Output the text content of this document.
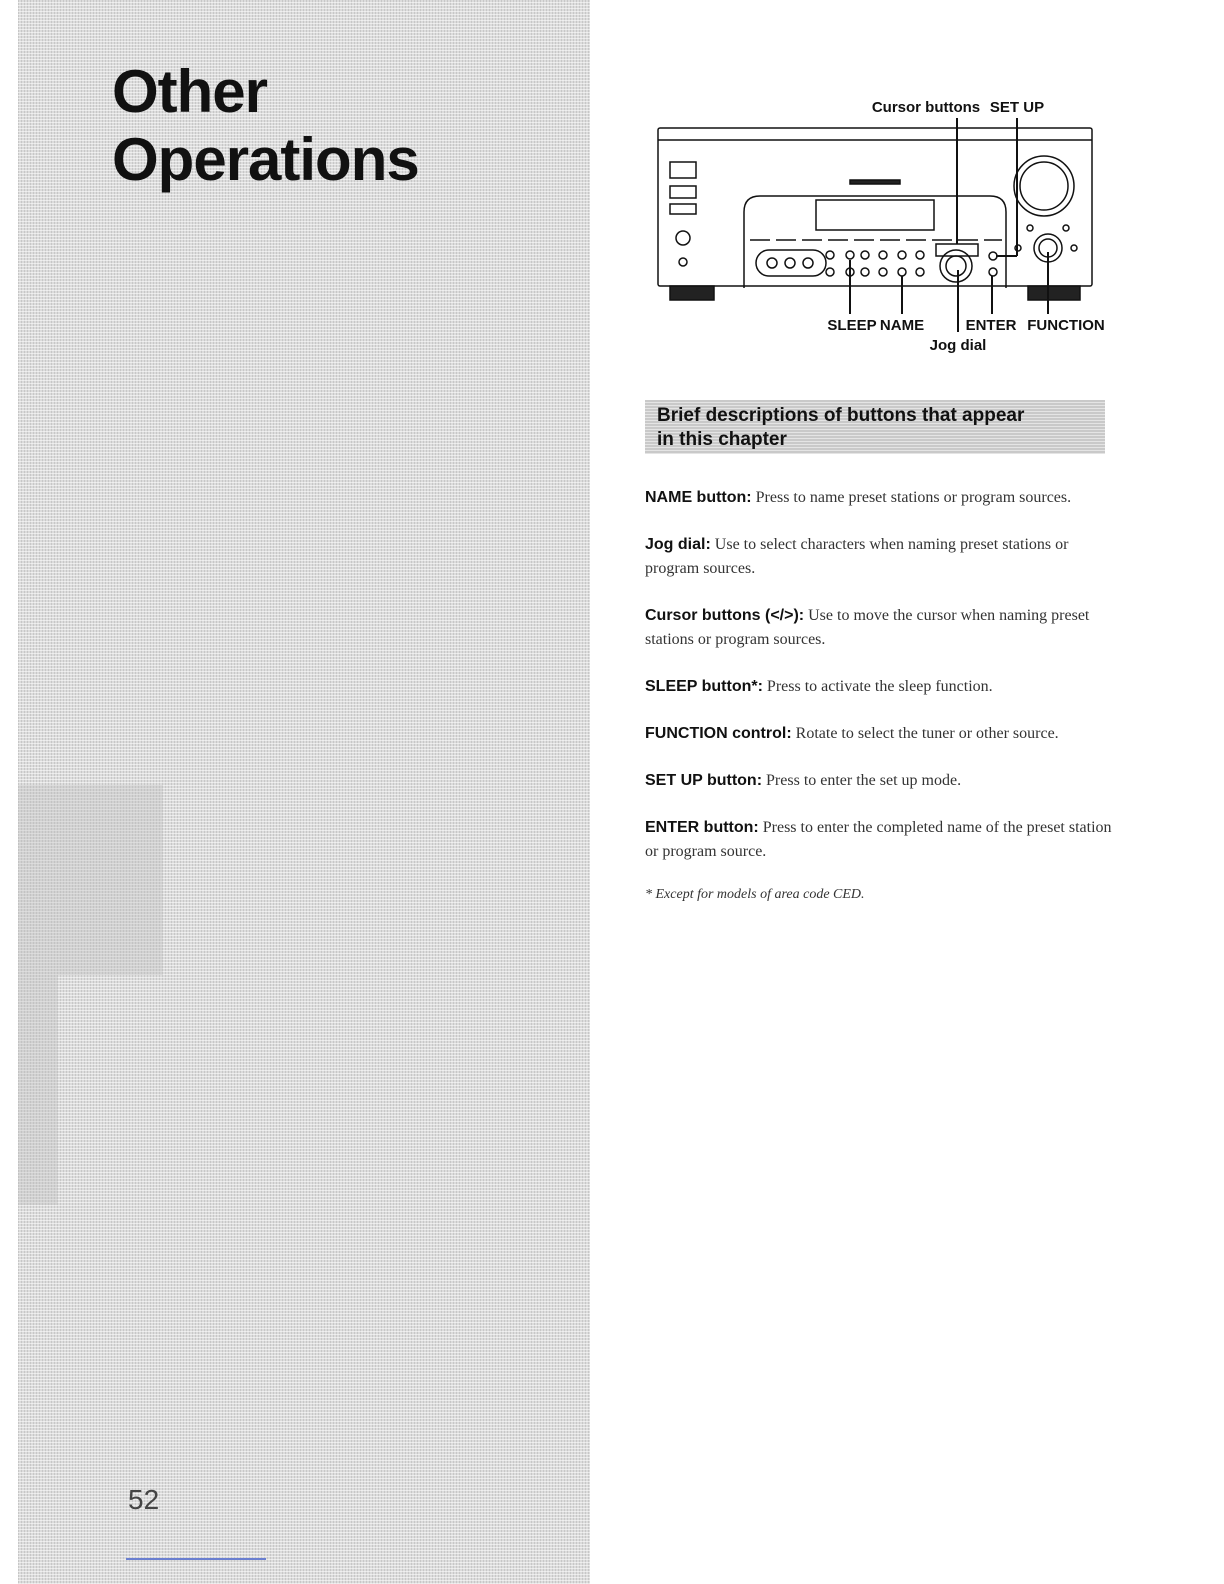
Other
Operations
52
Cursor buttons SET UP
SLEEP NAME	ENTER FUNCTION
Jog dial
Brief descriptions of buttons that appear
in this chapter

NAME button: Press to name preset stations or program sources.

Jog dial: Use to select characters when naming preset stations or program sources.

Cursor buttons (</>): Use to move the cursor when naming preset stations or program sources.

SLEEP button*: Press to activate the sleep function.

FUNCTION control: Rotate to select the tuner or other source.

SET UP button: Press to enter the set up mode.

ENTER button: Press to enter the completed name of the preset station or program source.

* Except for models of area code CED.
